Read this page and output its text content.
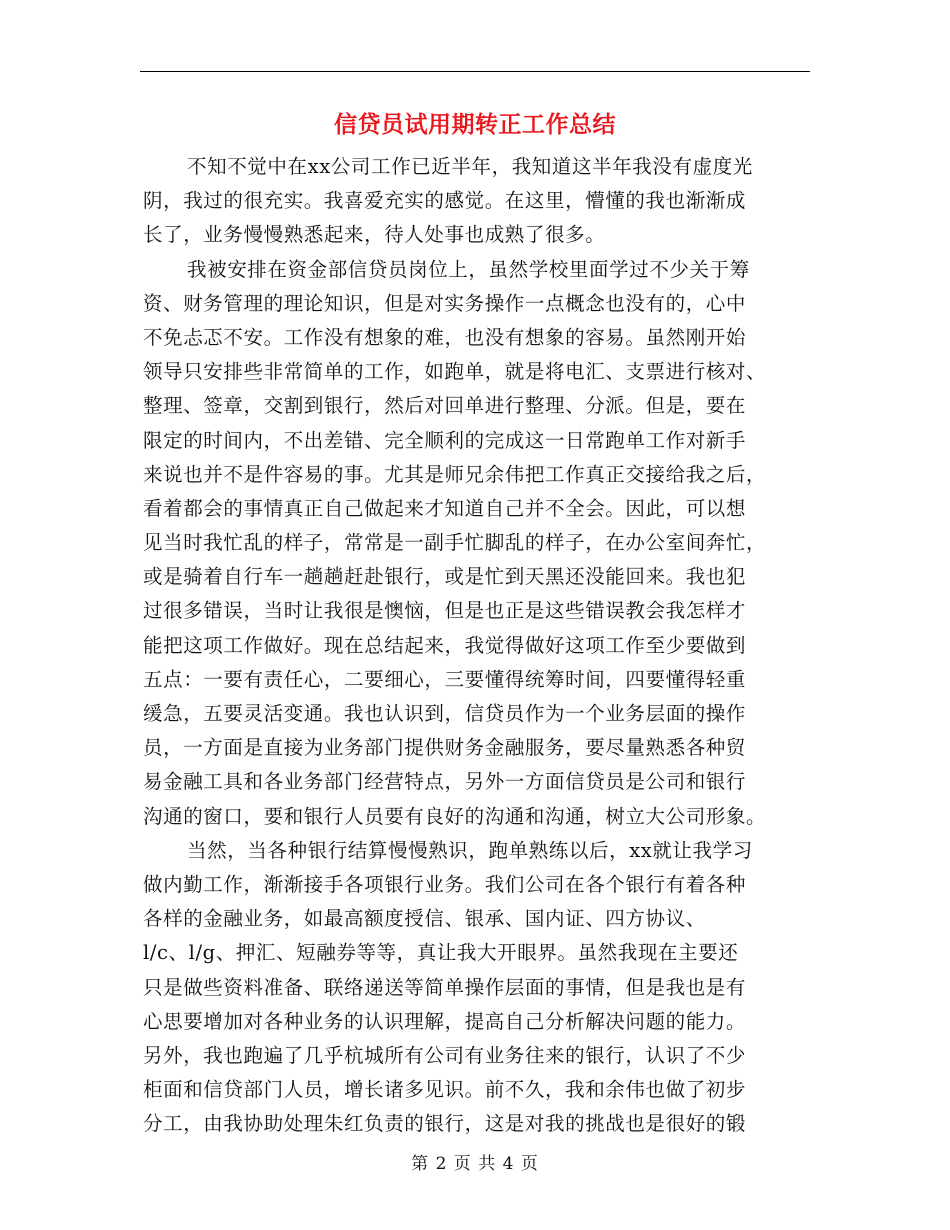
信贷员试用期转正工作总结
不知不觉中在xx公司工作已近半年，我知道这半年我没有虚度光
阴，我过的很充实。我喜爱充实的感觉。在这里，懵懂的我也渐渐成
长了，业务慢慢熟悉起来，待人处事也成熟了很多。
我被安排在资金部信贷员岗位上，虽然学校里面学过不少关于筹
资、财务管理的理论知识，但是对实务操作一点概念也没有的，心中
不免忐忑不安。工作没有想象的难，也没有想象的容易。虽然刚开始
领导只安排些非常简单的工作，如跑单，就是将电汇、支票进行核对、
整理、签章，交割到银行，然后对回单进行整理、分派。但是，要在
限定的时间内，不出差错、完全顺利的完成这一日常跑单工作对新手
来说也并不是件容易的事。尤其是师兄余伟把工作真正交接给我之后，
看着都会的事情真正自己做起来才知道自己并不全会。因此，可以想
见当时我忙乱的样子，常常是一副手忙脚乱的样子，在办公室间奔忙，
或是骑着自行车一趟趟赶赴银行，或是忙到天黑还没能回来。我也犯
过很多错误，当时让我很是懊恼，但是也正是这些错误教会我怎样才
能把这项工作做好。现在总结起来，我觉得做好这项工作至少要做到
五点：一要有责任心，二要细心，三要懂得统筹时间，四要懂得轻重
缓急，五要灵活变通。我也认识到，信贷员作为一个业务层面的操作
员，一方面是直接为业务部门提供财务金融服务，要尽量熟悉各种贸
易金融工具和各业务部门经营特点，另外一方面信贷员是公司和银行
沟通的窗口，要和银行人员要有良好的沟通和沟通，树立大公司形象。
当然，当各种银行结算慢慢熟识，跑单熟练以后，xx就让我学习
做内勤工作，渐渐接手各项银行业务。我们公司在各个银行有着各种
各样的金融业务，如最高额度授信、银承、国内证、四方协议、
l/c、l/g、押汇、短融券等等，真让我大开眼界。虽然我现在主要还
只是做些资料准备、联络递送等简单操作层面的事情，但是我也是有
心思要增加对各种业务的认识理解，提高自己分析解决问题的能力。
另外，我也跑遍了几乎杭城所有公司有业务往来的银行，认识了不少
柜面和信贷部门人员，增长诸多见识。前不久，我和余伟也做了初步
分工，由我协助处理朱红负责的银行，这是对我的挑战也是很好的锻
第 2 页 共 4 页
